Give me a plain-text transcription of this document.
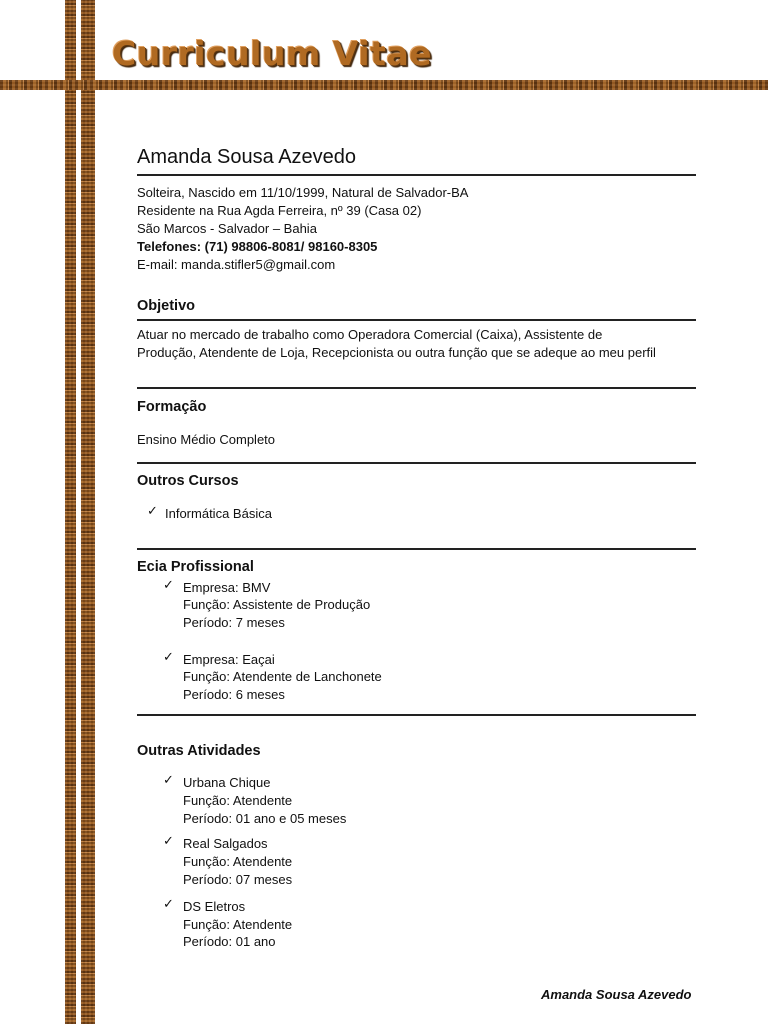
Curriculum Vitae
Amanda Sousa Azevedo
Solteira, Nascido em 11/10/1999, Natural de Salvador-BA
Residente na Rua Agda Ferreira, nº 39 (Casa 02)
São Marcos - Salvador – Bahia
Telefones: (71) 98806-8081/ 98160-8305
E-mail: manda.stifler5@gmail.com
Objetivo
Atuar no mercado de trabalho como Operadora Comercial (Caixa), Assistente de
Produção, Atendente de Loja, Recepcionista ou outra função que se adeque ao meu perfil
Formação
Ensino Médio Completo
Outros Cursos
✓ Informática Básica
Ecia Profissional
✓ Empresa: BMV
Função: Assistente de Produção
Período: 7 meses
✓ Empresa: Eaçai
Função: Atendente de Lanchonete
Período: 6 meses
Outras Atividades
✓ Urbana Chique
Função: Atendente
Período: 01 ano e 05 meses
✓ Real Salgados
Função: Atendente
Período: 07 meses
✓ DS Eletros
Função: Atendente
Período: 01 ano
Amanda Sousa Azevedo
